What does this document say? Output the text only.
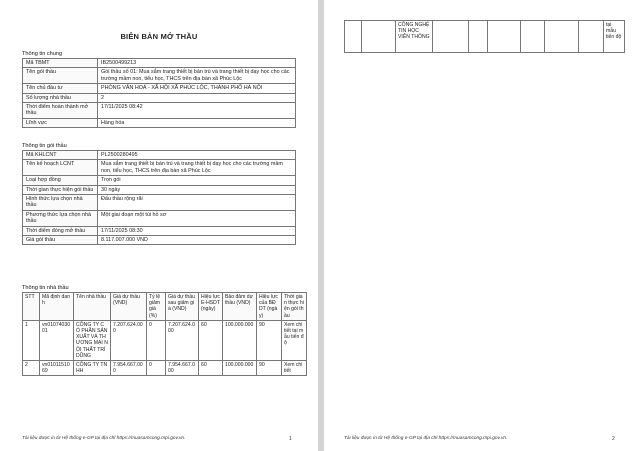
BIÊN BẢN MỞ THẦU
Thông tin chung
Mã TBMT	IB2500499213
Tên gói thầu	Gói thầu số 01: Mua sắm trang thiết bị bán trú và trang thiết bị dạy học cho các trường mầm non, tiểu học, THCS trên địa bàn xã Phúc Lộc
Tên chủ đầu tư	PHÒNG VĂN HOÁ - XÃ HỘI XÃ PHÚC LỘC, THÀNH PHỐ HÀ NỘI
Số lượng nhà thầu	2
Thời điểm hoàn thành mở thầu	17/11/2025 08:42
Lĩnh vực	Hàng hóa
Thông tin gói thầu
Mã KHLCNT	PL2500280495
Tên kế hoạch LCNT	Mua sắm trang thiết bị bán trú và trang thiết bị dạy học cho các trường mầm non, tiểu học, THCS trên địa bàn xã Phúc Lộc
Loại hợp đồng	Trọn gói
Thời gian thực hiện gói thầu	30 ngày
Hình thức lựa chọn nhà thầu	Đấu thầu rộng rãi
Phương thức lựa chọn nhà thầu	Một giai đoạn một túi hồ sơ
Thời điểm đóng mở thầu	17/11/2025 08:30
Giá gói thầu	8.117.007.000 VND
Thông tin nhà thầu
STT	Mã định danh	Tên nhà thầu	Giá dự thầu (VND)	Tỷ lệ giảm giá (%)	Giá dự thầu sau giảm giá (VND)	Hiệu lực E-HSDT (ngày)	Bảo đảm dự thầu (VND)	Hiệu lực của BĐ DT (ngày)	Thời gian thực hiện gói thầu
1	vn0107403001	CÔNG TY CỔ PHẦN SẢN XUẤT VÀ THƯƠNG MẠI NỘI THẤT TRÍ DŨNG	7.207.624.000	0	7.207.624.000	60	100.000.000	90	Xem chi tiết tại mẫu tiến độ
2	vn0101151069	CÔNG TY TNHH	7.954.667.000	0	7.954.667.000	60	100.000.000	90	Xem chi tiết
Tài liệu được in từ Hệ thống e-GP tại địa chỉ https://muasamcong.mpi.gov.vn.	1
		CÔNG NGHỆ TIN HỌC VIỄN THÔNG							tại mẫu tiến độ
Tài liệu được in từ Hệ thống e-GP tại địa chỉ https://muasamcong.mpi.gov.vn.	2
